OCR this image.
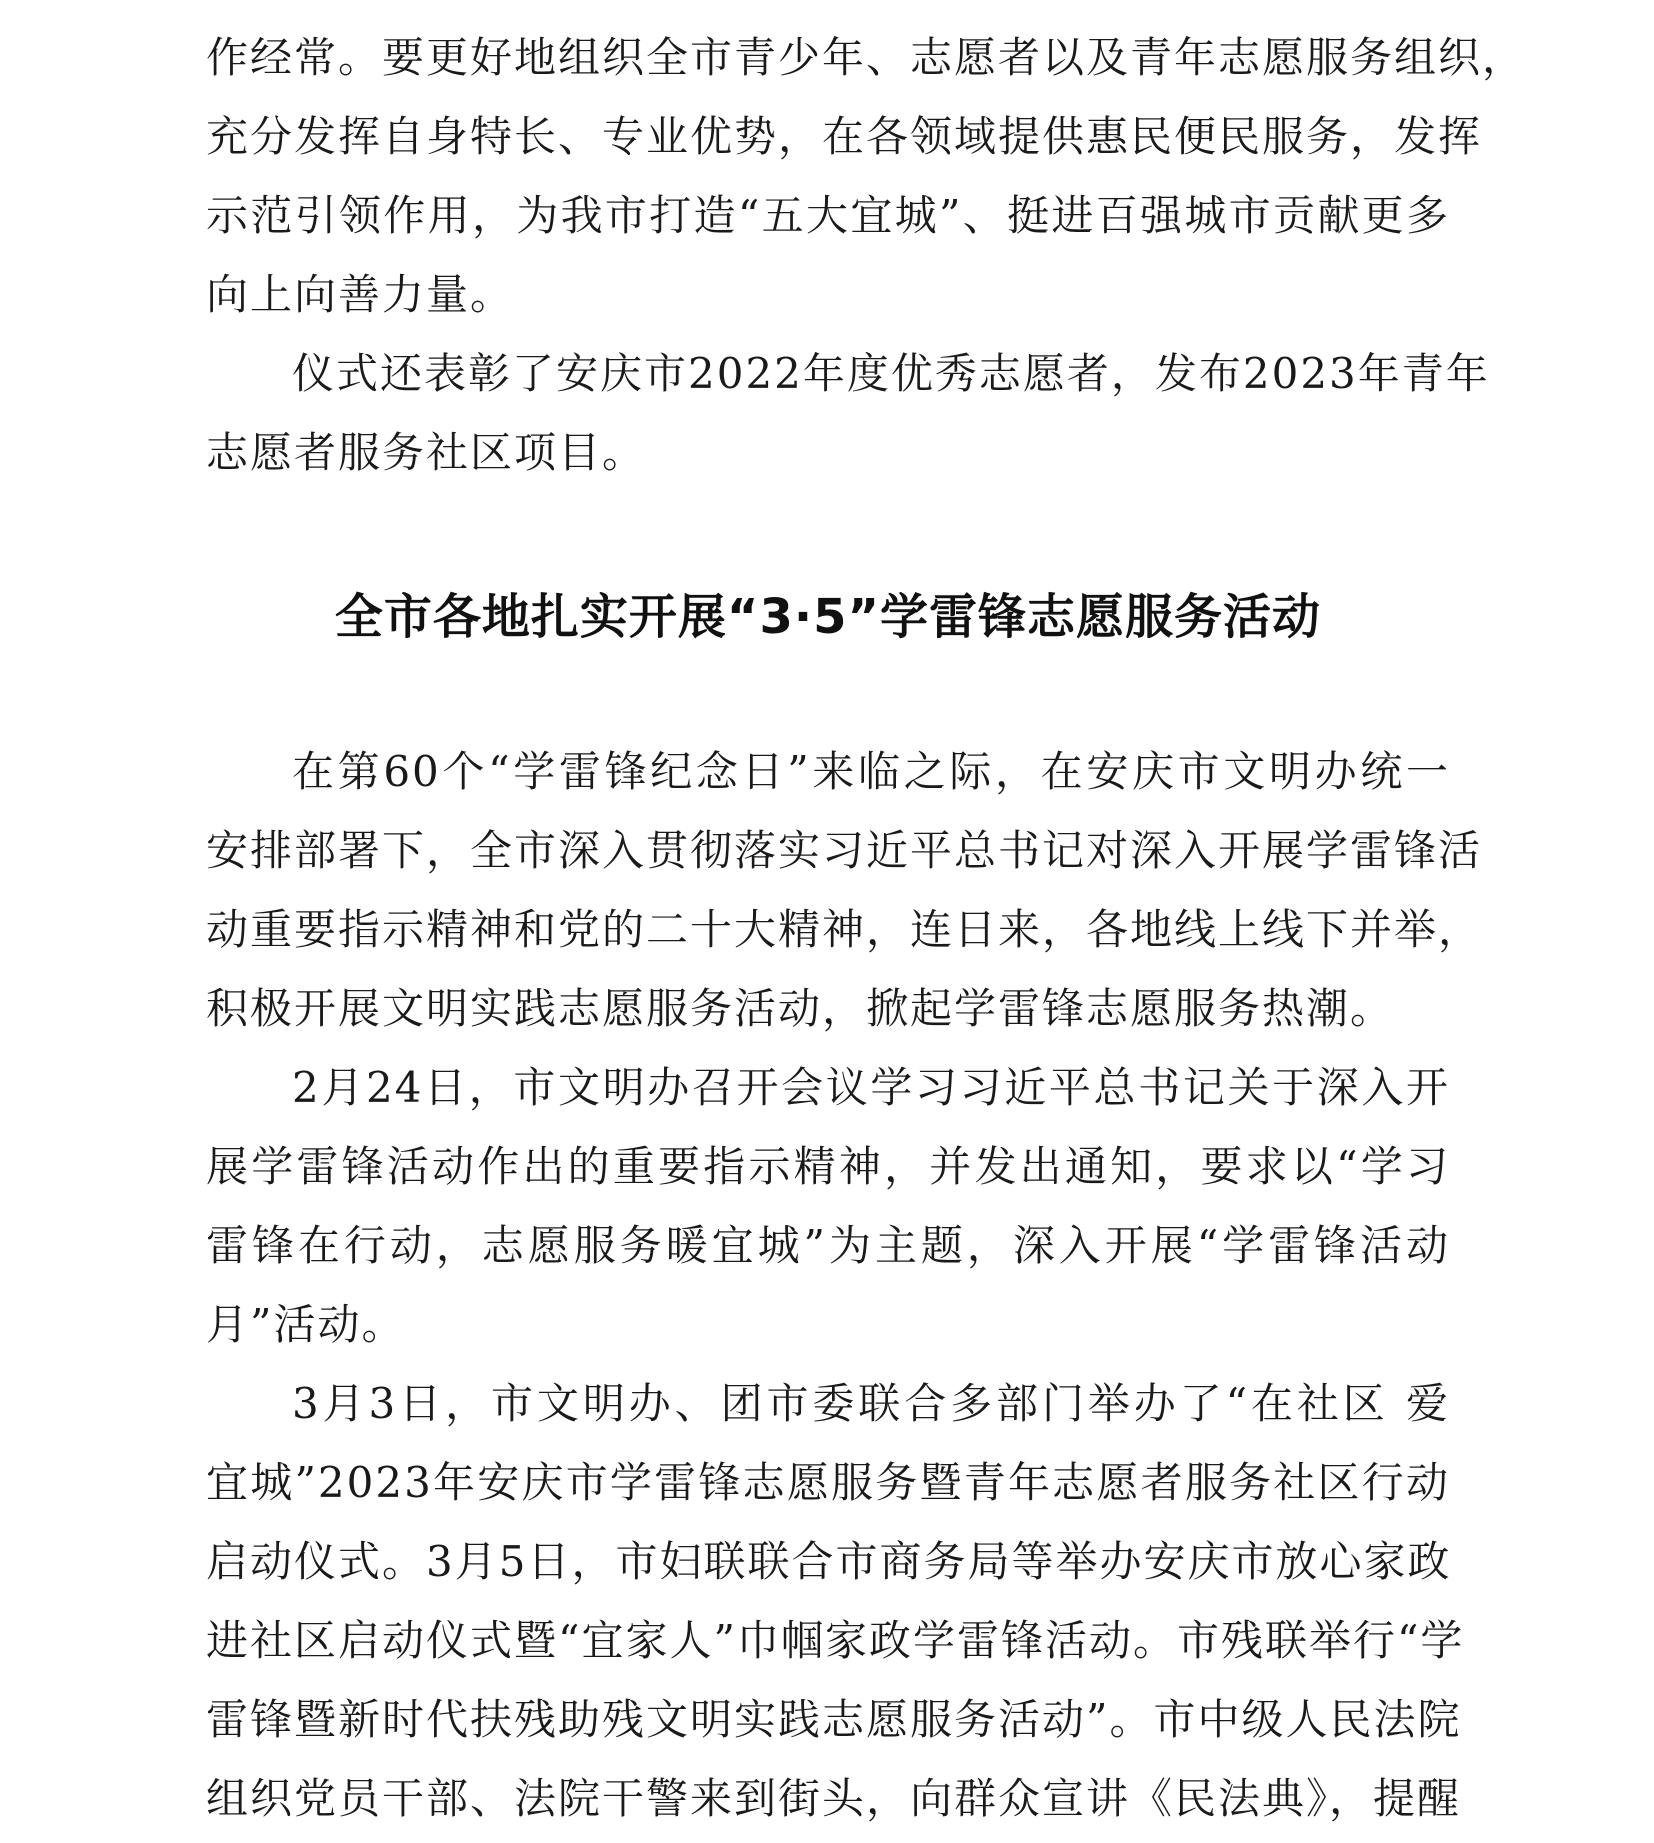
作经常。要更好地组织全市青少年、志愿者以及青年志愿服务组织，
充分发挥自身特长、专业优势，在各领域提供惠民便民服务，发挥
示范引领作用，为我市打造“五大宜城”、挺进百强城市贡献更多
向上向善力量。
仪式还表彰了安庆市2022年度优秀志愿者，发布2023年青年
志愿者服务社区项目。
全市各地扎实开展“3·5”学雷锋志愿服务活动
在第60个“学雷锋纪念日”来临之际，在安庆市文明办统一
安排部署下，全市深入贯彻落实习近平总书记对深入开展学雷锋活
动重要指示精神和党的二十大精神，连日来，各地线上线下并举，
积极开展文明实践志愿服务活动，掀起学雷锋志愿服务热潮。
2月24日，市文明办召开会议学习习近平总书记关于深入开
展学雷锋活动作出的重要指示精神，并发出通知，要求以“学习
雷锋在行动，志愿服务暖宜城”为主题，深入开展“学雷锋活动
月”活动。
3月3日，市文明办、团市委联合多部门举办了“在社区 爱
宜城”2023年安庆市学雷锋志愿服务暨青年志愿者服务社区行动
启动仪式。3月5日，市妇联联合市商务局等举办安庆市放心家政
进社区启动仪式暨“宜家人”巾帼家政学雷锋活动。市残联举行“学
雷锋暨新时代扶残助残文明实践志愿服务活动”。市中级人民法院
组织党员干部、法院干警来到街头，向群众宣讲《民法典》，提醒
